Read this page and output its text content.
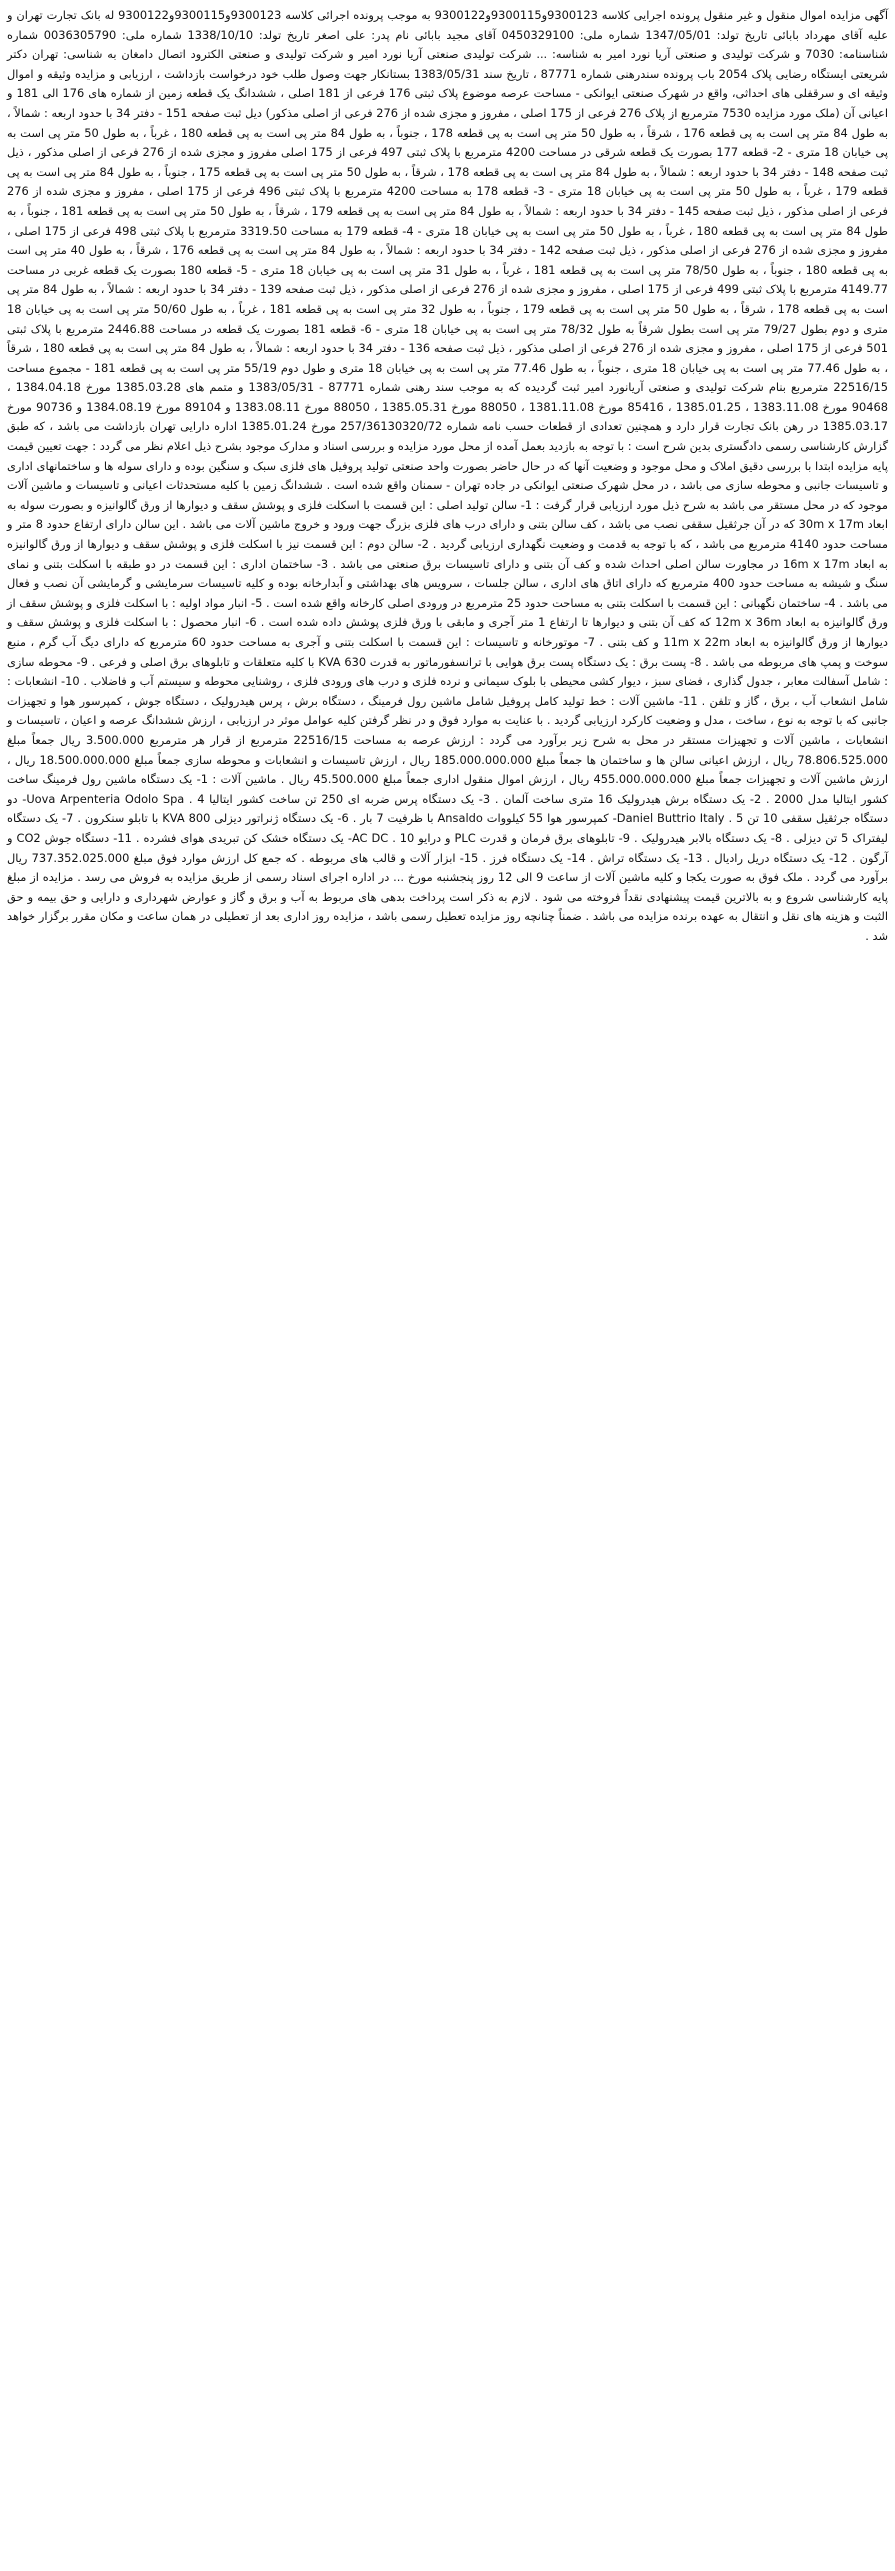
آگهی مزایده اموال منقول و غیر منقول پرونده اجرایی کلاسه 9300123و9300115و9300122 به موجب پرونده اجرائی کلاسه 9300123و9300115و9300122 له بانک تجارت تهران و علیه آقای مهرداد بابائی تاریخ تولد: 1347/05/01 شماره ملی: 0450329100 آقای مجید بابائی نام پدر: علی اصغر تاریخ تولد: 1338/10/10 شماره ملی: 0036305790 شماره شناسنامه: 7030 و شرکت تولیدی و صنعتی آریا نورد امیر به شناسه: ... شرکت تولیدی صنعتی آریا نورد امیر و شرکت تولیدی و صنعتی الکترود اتصال دامغان به شناسی: تهران دکتر شریعتی ایستگاه رضایی پلاک 2054 باب پرونده سندرهنی شماره 87771 ، تاریخ سند 1383/05/31 بستانکار جهت وصول طلب خود درخواست بازداشت ، ارزیابی و مزایده وثیقه و اموال وثیقه ای و سرقفلی های احداثی، واقع در شهرک صنعتی ایوانکی - مساحت عرصه موضوع پلاک ثبتی 176 فرعی از 181 اصلی ، ششدانگ یک قطعه زمین از شماره های 176 الی 181 و اعیانی آن (ملک مورد مزایده 7530 مترمربع از پلاک 276 فرعی از 175 اصلی ، مفروز و مجزی شده از 276 فرعی از اصلی مذکور) دیل ثبت صفحه 151 - دفتر 34 با حدود اربعه : شمالاً ، به طول 84 متر پی است به پی قطعه 176 ، شرقاً ، به طول 50 متر پی است به پی قطعه 178 ، جنوباً ، به طول 84 متر پی است به پی قطعه 180 ، غرباً ، به طول 50 متر پی است به پی خیابان 18 متری - 2- قطعه 177 بصورت یک قطعه شرقی در مساحت 4200 مترمربع با پلاک ثبتی 497 فرعی از 175 اصلی مفروز و مجزی شده از 276 فرعی از اصلی مذکور ، ذیل ثبت صفحه 148 - دفتر 34 با حدود اربعه : شمالاً ، به طول 84 متر پی است به پی قطعه 178 ، شرقاً ، به طول 50 متر پی است به پی قطعه 175 ، جنوباً ، به طول 84 متر پی است به پی قطعه 179 ، غرباً ، به طول 50 متر پی است به پی خیابان 18 متری - 3- قطعه 178 به مساحت 4200 مترمربع با پلاک ثبتی 496 فرعی از 175 اصلی ، مفروز و مجزی شده از 276 فرعی از اصلی مذکور ، ذیل ثبت صفحه 145 - دفتر 34 با حدود اربعه : شمالاً ، به طول 84 متر پی است به پی قطعه 179 ، شرقاً ، به طول 50 متر پی است به پی قطعه 181 ، جنوباً ، به طول 84 متر پی است به پی قطعه 180 ، غرباً ، به طول 50 متر پی است به پی خیابان 18 متری - 4- قطعه 179 به مساحت 3319.50 مترمربع با پلاک ثبتی 498 فرعی از 175 اصلی ، مفروز و مجزی شده از 276 فرعی از اصلی مذکور ، ذیل ثبت صفحه 142 - دفتر 34 با حدود اربعه : شمالاً ، به طول 84 متر پی است به پی قطعه 176 ، شرقاً ، به طول 40 متر پی است به پی قطعه 180 ، جنوباً ، به طول 78/50 متر پی است به پی قطعه 181 ، غرباً ، به طول 31 متر پی است به پی خیابان 18 متری - 5- قطعه 180 بصورت یک قطعه غربی در مساحت 4149.77 مترمربع با پلاک ثبتی 499 فرعی از 175 اصلی ، مفروز و مجزی شده از 276 فرعی از اصلی مذکور ، ذیل ثبت صفحه 139 - دفتر 34 با حدود اربعه : شمالاً ، به طول 84 متر پی است به پی قطعه 178 ، شرقاً ، به طول 50 متر پی است به پی قطعه 179 ، جنوباً ، به طول 32 متر پی است به پی قطعه 181 ، غرباً ، به طول 50/60 متر پی است به پی خیابان 18 متری و دوم بطول 79/27 متر پی است بطول شرقاً به طول 78/32 متر پی است به پی خیابان 18 متری - 6- قطعه 181 بصورت یک قطعه در مساحت 2446.88 مترمربع با پلاک ثبتی 501 فرعی از 175 اصلی ، مفروز و مجزی شده از 276 فرعی از اصلی مذکور ، ذیل ثبت صفحه 136 - دفتر 34 با حدود اربعه : شمالاً ، به طول 84 متر پی است به پی قطعه 180 ، شرقاً ، به طول 77.46 متر پی است به پی خیابان 18 متری ، جنوباً ، به طول 77.46 متر پی است به پی خیابان 18 متری و طول دوم 55/19 متر پی است به پی قطعه 181 - مجموع مساحت 22516/15 مترمربع بنام شرکت تولیدی و صنعتی آریانورد امیر ثبت گردیده که به موجب سند رهنی شماره 87771 - 1383/05/31 و متمم های 1385.03.28 مورخ 1384.04.18 ، 90468 مورخ 1383.11.08 ، 1385.01.25 ، 85416 مورخ 1381.11.08 ، 88050 مورخ 1385.05.31 ، 88050 مورخ 1383.08.11 و 89104 مورخ 1384.08.19 و 90736 مورخ 1385.03.17 در رهن بانک تجارت قرار دارد و همچنین تعدادی از قطعات حسب نامه شماره 257/36130320/72 مورخ 1385.01.24 اداره دارایی تهران بازداشت می باشد ، که طبق گزارش کارشناسی رسمی دادگستری بدین شرح است : با توجه به بازدید بعمل آمده از محل مورد مزایده و بررسی اسناد و مدارک موجود بشرح ذیل اعلام نظر می گردد : جهت تعیین قیمت پایه مزایده ابتدا با بررسی دقیق املاک و محل موجود و وضعیت آنها که در حال حاضر بصورت واحد صنعتی تولید پروفیل های فلزی سبک و سنگین بوده و دارای سوله ها و ساختمانهای اداری و تاسیسات جانبی و محوطه سازی می باشد ، در محل شهرک صنعتی ایوانکی در جاده تهران - سمنان واقع شده است . ششدانگ زمین با کلیه مستحدثات اعیانی و تاسیسات و ماشین آلات موجود که در محل مستقر می باشد به شرح ذیل مورد ارزیابی قرار گرفت : 1- سالن تولید اصلی : این قسمت با اسکلت فلزی و پوشش سقف و دیوارها از ورق گالوانیزه و بصورت سوله به ابعاد 30m x 17m که در آن جرثقیل سقفی نصب می باشد ، کف سالن بتنی و دارای درب های فلزی بزرگ جهت ورود و خروج ماشین آلات می باشد . این سالن دارای ارتفاع حدود 8 متر و مساحت حدود 4140 مترمربع می باشد ، که با توجه به قدمت و وضعیت نگهداری ارزیابی گردید . 2- سالن دوم : این قسمت نیز با اسکلت فلزی و پوشش سقف و دیوارها از ورق گالوانیزه به ابعاد 16m x 17m در مجاورت سالن اصلی احداث شده و کف آن بتنی و دارای تاسیسات برق صنعتی می باشد . 3- ساختمان اداری : این قسمت در دو طبقه با اسکلت بتنی و نمای سنگ و شیشه به مساحت حدود 400 مترمربع که دارای اتاق های اداری ، سالن جلسات ، سرویس های بهداشتی و آبدارخانه بوده و کلیه تاسیسات سرمایشی و گرمایشی آن نصب و فعال می باشد . 4- ساختمان نگهبانی : این قسمت با اسکلت بتنی به مساحت حدود 25 مترمربع در ورودی اصلی کارخانه واقع شده است . 5- انبار مواد اولیه : با اسکلت فلزی و پوشش سقف از ورق گالوانیزه به ابعاد 12m x 36m که کف آن بتنی و دیوارها تا ارتفاع 1 متر آجری و مابقی با ورق فلزی پوشش داده شده است . 6- انبار محصول : با اسکلت فلزی و پوشش سقف و دیوارها از ورق گالوانیزه به ابعاد 11m x 22m و کف بتنی . 7- موتورخانه و تاسیسات : این قسمت با اسکلت بتنی و آجری به مساحت حدود 60 مترمربع که دارای دیگ آب گرم ، منبع سوخت و پمپ های مربوطه می باشد . 8- پست برق : یک دستگاه پست برق هوایی با ترانسفورماتور به قدرت 630 KVA با کلیه متعلقات و تابلوهای برق اصلی و فرعی . 9- محوطه سازی : شامل آسفالت معابر ، جدول گذاری ، فضای سبز ، دیوار کشی محیطی با بلوک سیمانی و نرده فلزی و درب های ورودی فلزی ، روشنایی محوطه و سیستم آب و فاضلاب . 10- انشعابات : شامل انشعاب آب ، برق ، گاز و تلفن . 11- ماشین آلات : خط تولید کامل پروفیل شامل ماشین رول فرمینگ ، دستگاه برش ، پرس هیدرولیک ، دستگاه جوش ، کمپرسور هوا و تجهیزات جانبی که با توجه به نوع ، ساخت ، مدل و وضعیت کارکرد ارزیابی گردید . با عنایت به موارد فوق و در نظر گرفتن کلیه عوامل موثر در ارزیابی ، ارزش ششدانگ عرصه و اعیان ، تاسیسات و انشعابات ، ماشین آلات و تجهیزات مستقر در محل به شرح زیر برآورد می گردد : ارزش عرصه به مساحت 22516/15 مترمربع از قرار هر مترمربع 3.500.000 ریال جمعاً مبلغ 78.806.525.000 ریال ، ارزش اعیانی سالن ها و ساختمان ها جمعاً مبلغ 185.000.000.000 ریال ، ارزش تاسیسات و انشعابات و محوطه سازی جمعاً مبلغ 18.500.000.000 ریال ، ارزش ماشین آلات و تجهیزات جمعاً مبلغ 455.000.000.000 ریال ، ارزش اموال منقول اداری جمعاً مبلغ 45.500.000 ریال . ماشین آلات : 1- یک دستگاه ماشین رول فرمینگ ساخت کشور ایتالیا مدل 2000 . 2- یک دستگاه برش هیدرولیک 16 متری ساخت آلمان . 3- یک دستگاه پرس ضربه ای 250 تن ساخت کشور ایتالیا Uova Arpenteria Odolo Spa . 4- دو دستگاه جرثقیل سقفی 10 تن Daniel Buttrio Italy . 5- کمپرسور هوا 55 کیلووات Ansaldo با ظرفیت 7 بار . 6- یک دستگاه ژنراتور دیزلی 800 KVA با تابلو سنکرون . 7- یک دستگاه لیفتراک 5 تن دیزلی . 8- یک دستگاه بالابر هیدرولیک . 9- تابلوهای برق فرمان و قدرت PLC و درایو AC DC . 10- یک دستگاه خشک کن تبریدی هوای فشرده . 11- دستگاه جوش CO2 و آرگون . 12- یک دستگاه دریل رادیال . 13- یک دستگاه تراش . 14- یک دستگاه فرز . 15- ابزار آلات و قالب های مربوطه . که جمع کل ارزش موارد فوق مبلغ 737.352.025.000 ریال برآورد می گردد . ملک فوق به صورت یکجا و کلیه ماشین آلات از ساعت 9 الی 12 روز پنجشنبه مورخ ... در اداره اجرای اسناد رسمی از طریق مزایده به فروش می رسد . مزایده از مبلغ پایه کارشناسی شروع و به بالاترین قیمت پیشنهادی نقداً فروخته می شود . لازم به ذکر است پرداخت بدهی های مربوط به آب و برق و گاز و عوارض شهرداری و دارایی و حق بیمه و حق الثبت و هزینه های نقل و انتقال به عهده برنده مزایده می باشد . ضمناً چنانچه روز مزایده تعطیل رسمی باشد ، مزایده روز اداری بعد از تعطیلی در همان ساعت و مکان مقرر برگزار خواهد شد .
